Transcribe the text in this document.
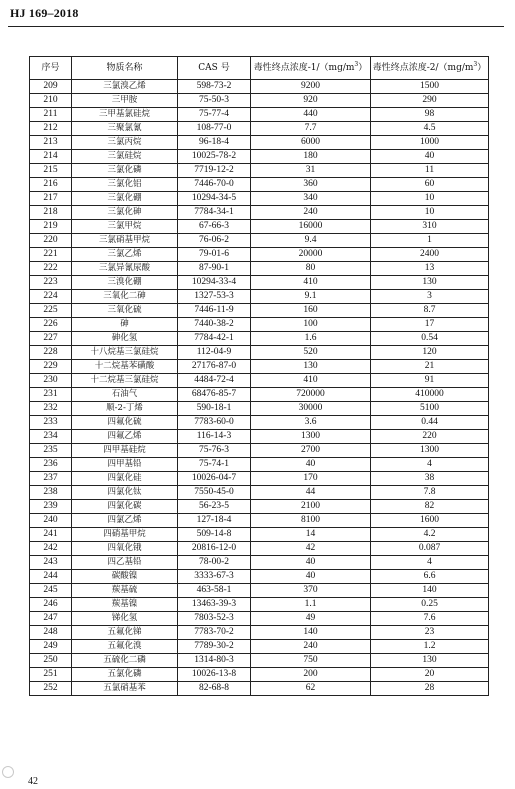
HJ 169–2018
序号	物质名称	CAS 号	毒性终点浓度$-1/(mg/m^3)$	毒性终点浓度$-2/(mg/m^3)$
209	三氯溴乙烯	598-73-2	9200	1500
210	三甲胺	75-50-3	920	290
211	三甲基氯硅烷	75-77-4	440	98
212	三聚氯氰	108-77-0	7.7	4.5
213	三氯丙烷	96-18-4	6000	1000
214	三氯硅烷	10025-78-2	180	40
215	三氯化磷	7719-12-2	31	11
216	三氯化铝	7446-70-0	360	60
217	三氯化硼	10294-34-5	340	10
218	三氯化砷	7784-34-1	240	10
219	三氯甲烷	67-66-3	16000	310
220	三氯硝基甲烷	76-06-2	9.4	1
221	三氯乙烯	79-01-6	20000	2400
222	三氯异氰尿酸	87-90-1	80	13
223	三溴化硼	10294-33-4	410	130
224	三氧化二砷	1327-53-3	9.1	3
225	三氧化硫	7446-11-9	160	8.7
226	砷	7440-38-2	100	17
227	砷化氢	7784-42-1	1.6	0.54
228	十八烷基三氯硅烷	112-04-9	520	120
229	十二烷基苯磺酸	27176-87-0	130	21
230	十二烷基三氯硅烷	4484-72-4	410	91
231	石油气	68476-85-7	720000	410000
232	顺-2-丁烯	590-18-1	30000	5100
233	四氟化硫	7783-60-0	3.6	0.44
234	四氟乙烯	116-14-3	1300	220
235	四甲基硅烷	75-76-3	2700	1300
236	四甲基铅	75-74-1	40	4
237	四氯化硅	10026-04-7	170	38
238	四氯化钛	7550-45-0	44	7.8
239	四氯化碳	56-23-5	2100	82
240	四氯乙烯	127-18-4	8100	1600
241	四硝基甲烷	509-14-8	14	4.2
242	四氧化锇	20816-12-0	42	0.087
243	四乙基铅	78-00-2	40	4
244	碳酸镍	3333-67-3	40	6.6
245	羰基硫	463-58-1	370	140
246	羰基镍	13463-39-3	1.1	0.25
247	锑化氢	7803-52-3	49	7.6
248	五氟化锑	7783-70-2	140	23
249	五氟化溴	7789-30-2	240	1.2
250	五硫化二磷	1314-80-3	750	130
251	五氯化磷	10026-13-8	200	20
252	五氯硝基苯	82-68-8	62	28
42
